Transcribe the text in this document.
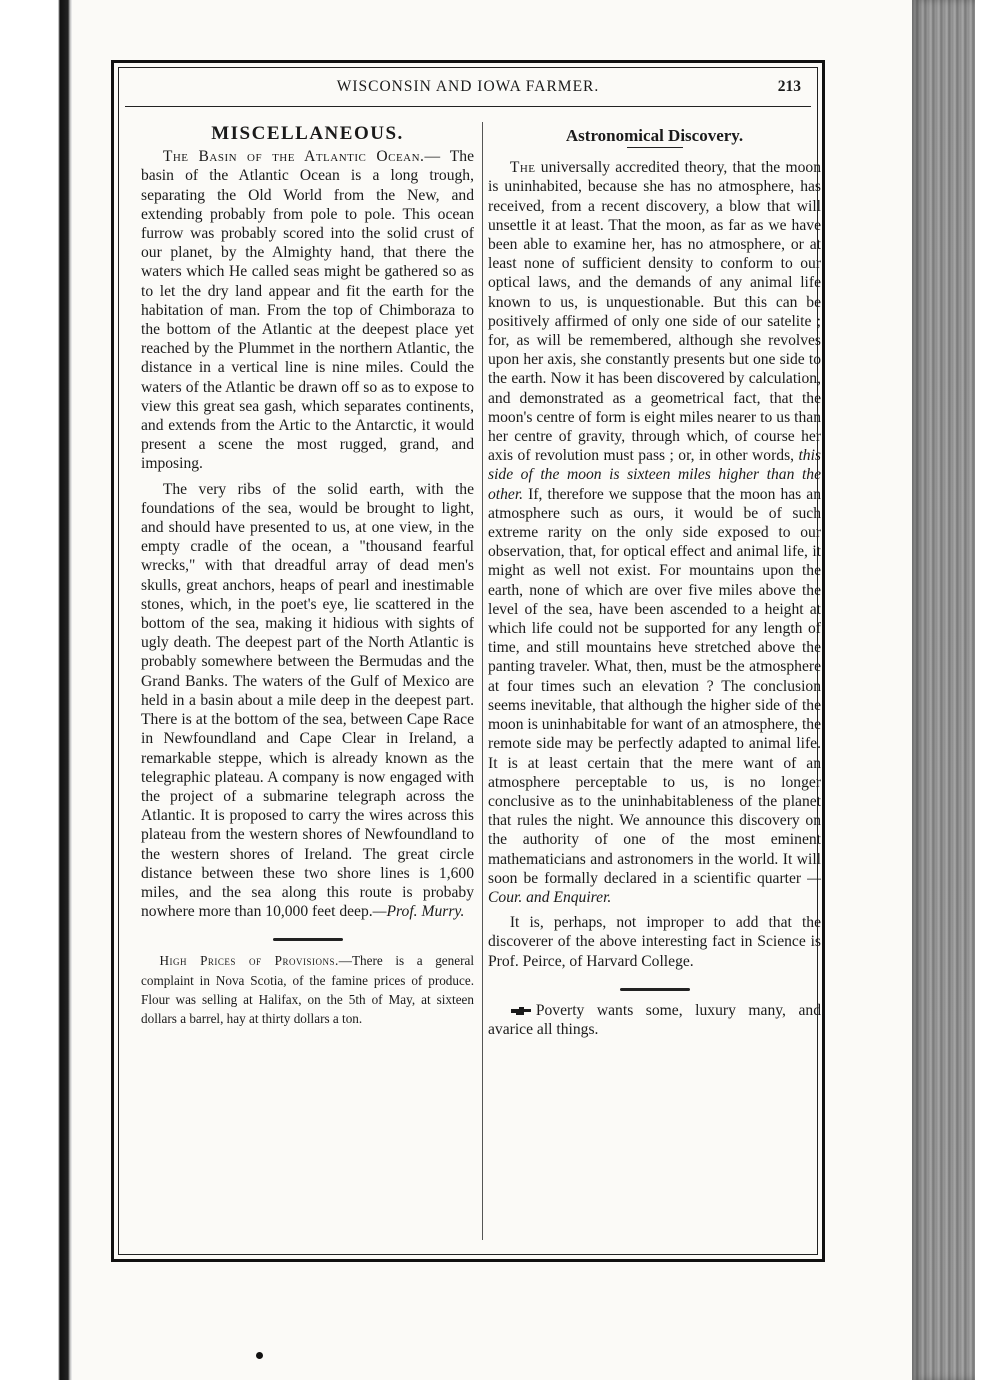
WISCONSIN AND IOWA FARMER.	213
MISCELLANEOUS.

The Basin of the Atlantic Ocean.— The basin of the Atlantic Ocean is a long trough, separating the Old World from the New, and extending probably from pole to pole. This ocean furrow was probably scored into the solid crust of our planet, by the Almighty hand, that there the waters which He called seas might be gathered so as to let the dry land appear and fit the earth for the habitation of man. From the top of Chimboraza to the bottom of the Atlantic at the deepest place yet reached by the Plummet in the northern Atlantic, the distance in a vertical line is nine miles. Could the waters of the Atlantic be drawn off so as to expose to view this great sea gash, which separates continents, and extends from the Artic to the Antarctic, it would present a scene the most rugged, grand, and imposing.

The very ribs of the solid earth, with the foundations of the sea, would be brought to light, and should have presented to us, at one view, in the empty cradle of the ocean, a "thousand fearful wrecks," with that dreadful array of dead men's skulls, great anchors, heaps of pearl and inestimable stones, which, in the poet's eye, lie scattered in the bottom of the sea, making it hidious with sights of ugly death. The deepest part of the North Atlantic is probably somewhere between the Bermudas and the Grand Banks. The waters of the Gulf of Mexico are held in a basin about a mile deep in the deepest part. There is at the bottom of the sea, between Cape Race in Newfoundland and Cape Clear in Ireland, a remarkable steppe, which is already known as the telegraphic plateau. A company is now engaged with the project of a submarine telegraph across the Atlantic. It is proposed to carry the wires across this plateau from the western shores of Newfoundland to the western shores of Ireland. The great circle distance between these two shore lines is 1,600 miles, and the sea along this route is probaby nowhere more than 10,000 feet deep.—Prof. Murry.

High Prices of Provisions.—There is a general complaint in Nova Scotia, of the famine prices of produce. Flour was selling at Halifax, on the 5th of May, at sixteen dollars a barrel, hay at thirty dollars a ton.

Astronomical Discovery.

The universally accredited theory, that the moon is uninhabited, because she has no atmosphere, has received, from a recent discovery, a blow that will unsettle it at least. That the moon, as far as we have been able to examine her, has no atmosphere, or at least none of sufficient density to conform to our optical laws, and the demands of any animal life known to us, is unquestionable. But this can be positively affirmed of only one side of our satelite ; for, as will be remembered, although she revolves upon her axis, she constantly presents but one side to the earth. Now it has been discovered by calculation, and demonstrated as a geometrical fact, that the moon's centre of form is eight miles nearer to us than her centre of gravity, through which, of course her axis of revolution must pass ; or, in other words, this side of the moon is sixteen miles higher than the other. If, therefore we suppose that the moon has an atmosphere such as ours, it would be of such extreme rarity on the only side exposed to our observation, that, for optical effect and animal life, it might as well not exist. For mountains upon the earth, none of which are over five miles above the level of the sea, have been ascended to a height at which life could not be supported for any length of time, and still mountains heve stretched above the panting traveler. What, then, must be the atmosphere at four times such an elevation ? The conclusion seems inevitable, that although the higher side of the moon is uninhabitable for want of an atmosphere, the remote side may be perfectly adapted to animal life. It is at least certain that the mere want of an atmosphere perceptable to us, is no longer conclusive as to the uninhabitableness of the planet that rules the night. We announce this discovery on the authority of one of the most eminent mathematicians and astronomers in the world. It will soon be formally declared in a scientific quarter —Cour. and Enquirer.

It is, perhaps, not improper to add that the discoverer of the above interesting fact in Science is Prof. Peirce, of Harvard College.

Poverty wants some, luxury many, and avarice all things.
